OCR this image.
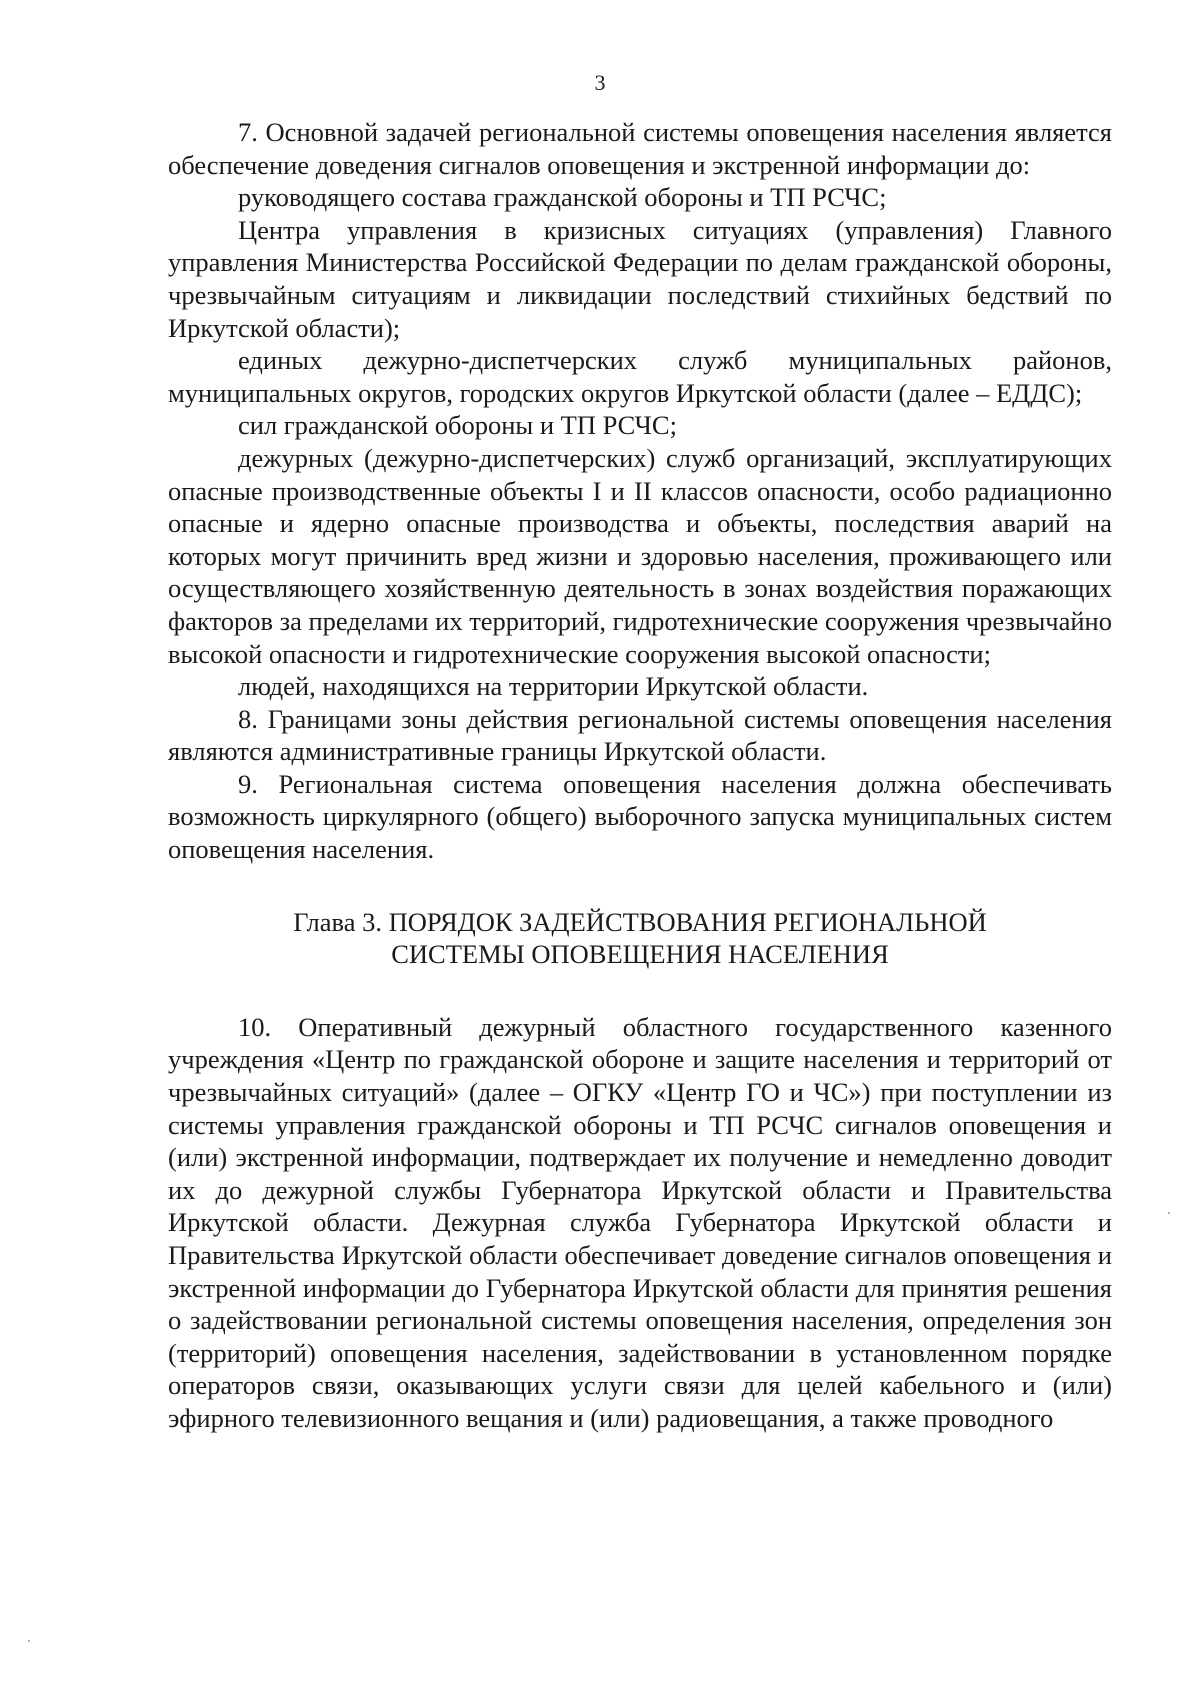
3

7. Основной задачей региональной системы оповещения населения является обеспечение доведения сигналов оповещения и экстренной информации до:

руководящего состава гражданской обороны и ТП РСЧС;

Центра управления в кризисных ситуациях (управления) Главного управления Министерства Российской Федерации по делам гражданской обороны, чрезвычайным ситуациям и ликвидации последствий стихийных бедствий по Иркутской области);

единых дежурно-диспетчерских служб муниципальных районов, муниципальных округов, городских округов Иркутской области (далее – ЕДДС);

сил гражданской обороны и ТП РСЧС;

дежурных (дежурно-диспетчерских) служб организаций, эксплуатирующих опасные производственные объекты I и II классов опасности, особо радиационно опасные и ядерно опасные производства и объекты, последствия аварий на которых могут причинить вред жизни и здоровью населения, проживающего или осуществляющего хозяйственную деятельность в зонах воздействия поражающих факторов за пределами их территорий, гидротехнические сооружения чрезвычайно высокой опасности и гидротехнические сооружения высокой опасности;

людей, находящихся на территории Иркутской области.

8. Границами зоны действия региональной системы оповещения населения являются административные границы Иркутской области.

9. Региональная система оповещения населения должна обеспечивать возможность циркулярного (общего) выборочного запуска муниципальных систем оповещения населения.

Глава 3. ПОРЯДОК ЗАДЕЙСТВОВАНИЯ РЕГИОНАЛЬНОЙ
СИСТЕМЫ ОПОВЕЩЕНИЯ НАСЕЛЕНИЯ

10. Оперативный дежурный областного государственного казенного учреждения «Центр по гражданской обороне и защите населения и территорий от чрезвычайных ситуаций» (далее – ОГКУ «Центр ГО и ЧС») при поступлении из системы управления гражданской обороны и ТП РСЧС сигналов оповещения и (или) экстренной информации, подтверждает их получение и немедленно доводит их до дежурной службы Губернатора Иркутской области и Правительства Иркутской области. Дежурная служба Губернатора Иркутской области и Правительства Иркутской области обеспечивает доведение сигналов оповещения и экстренной информации до Губернатора Иркутской области для принятия решения о задействовании региональной системы оповещения населения, определения зон (территорий) оповещения населения, задействовании в установленном порядке операторов связи, оказывающих услуги связи для целей кабельного и (или) эфирного телевизионного вещания и (или) радиовещания, а также проводного
